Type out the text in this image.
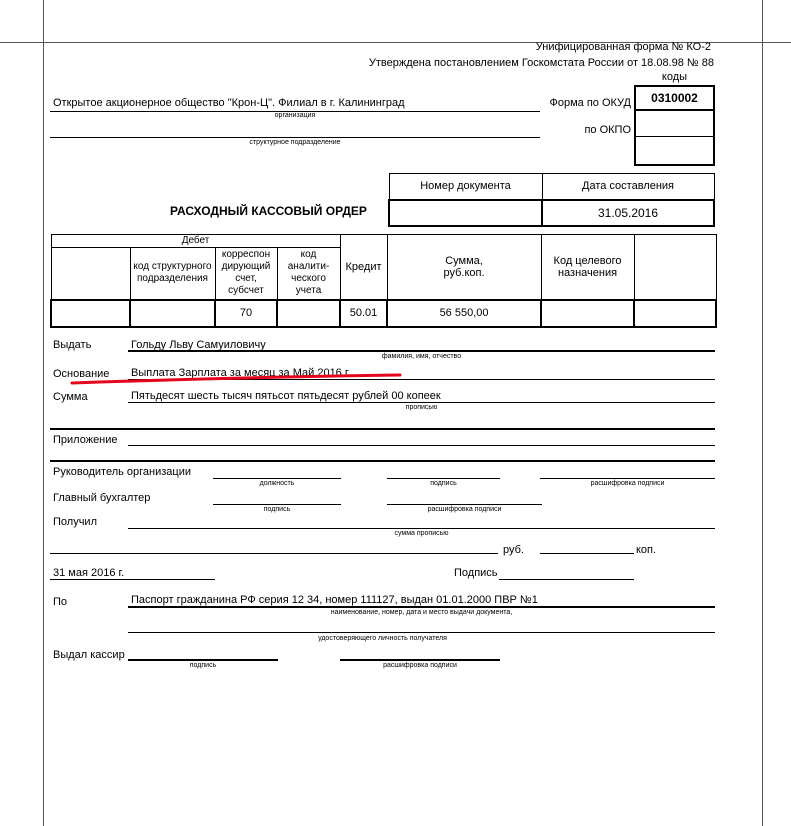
Унифицированная форма № КО-2
Утверждена постановлением Госкомстата России от 18.08.98 № 88
коды
0310002
Форма по ОКУД
по ОКПО
Открытое акционерное общество "Крон-Ц". Филиал в г. Калининград
организация
структурное подразделение
Номер документа	Дата составления
	31.05.2016
РАСХОДНЫЙ КАССОВЫЙ ОРДЕР
Дебет				Кредит	Сумма, руб.коп.	Код целевого назначения	
	код структурного подразделения	корреспон дирующий счет, субсчет	код аналити- ческого учета				
		70		50.01	56 550,00		
Выдать	Гольду Льву Самуиловичу
фамилия, имя, отчество
Основание Выплата Зарплата за месяц за Май 2016 г.
Сумма	Пятьдесят шесть тысяч пятьсот пятьдесят рублей 00 копеек
прописью
Приложение
Руководитель организации
должность	подпись	расшифровка подписи
Главный бухгалтер
подпись	расшифровка подписи
Получил
сумма прописью
руб.	коп.
31 мая 2016 г.	Подпись
По	Паспорт гражданина РФ серия 12 34, номер 111127, выдан 01.01.2000 ПВР №1
наименование, номер, дата и место выдачи документа,
удостоверяющего личность получателя
Выдал кассир
подпись	расшифровка подписи
